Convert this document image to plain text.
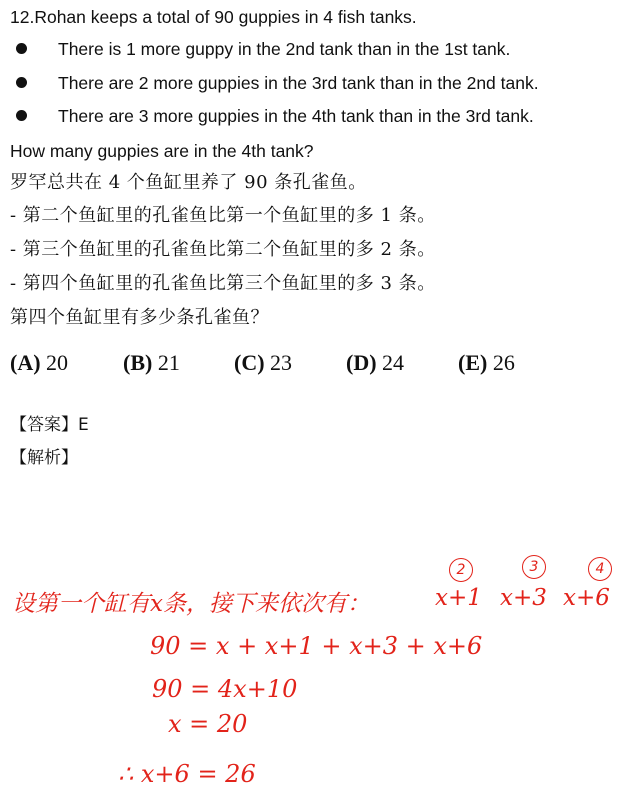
12.Rohan keeps a total of 90 guppies in 4 fish tanks.
There is 1 more guppy in the 2nd tank than in the 1st tank.
There are 2 more guppies in the 3rd tank than in the 2nd tank.
There are 3 more guppies in the 4th tank than in the 3rd tank.
How many guppies are in the 4th tank?
罗罕总共在 4 个鱼缸里养了 90 条孔雀鱼。
- 第二个鱼缸里的孔雀鱼比第一个鱼缸里的多 1 条。
- 第三个鱼缸里的孔雀鱼比第二个鱼缸里的多 2 条。
- 第四个鱼缸里的孔雀鱼比第三个鱼缸里的多 3 条。
第四个鱼缸里有多少条孔雀鱼？
(A) 20 (B) 21 (C) 23 (D) 24 (E) 26
【答案】E
【解析】
设第一个缸有x条，接下来依次有：
2	3	4
x+1 x+3 x+6
90 = x + x+1 + x+3 + x+6
90 = 4x+10
x = 20
∴ x+6 = 26
